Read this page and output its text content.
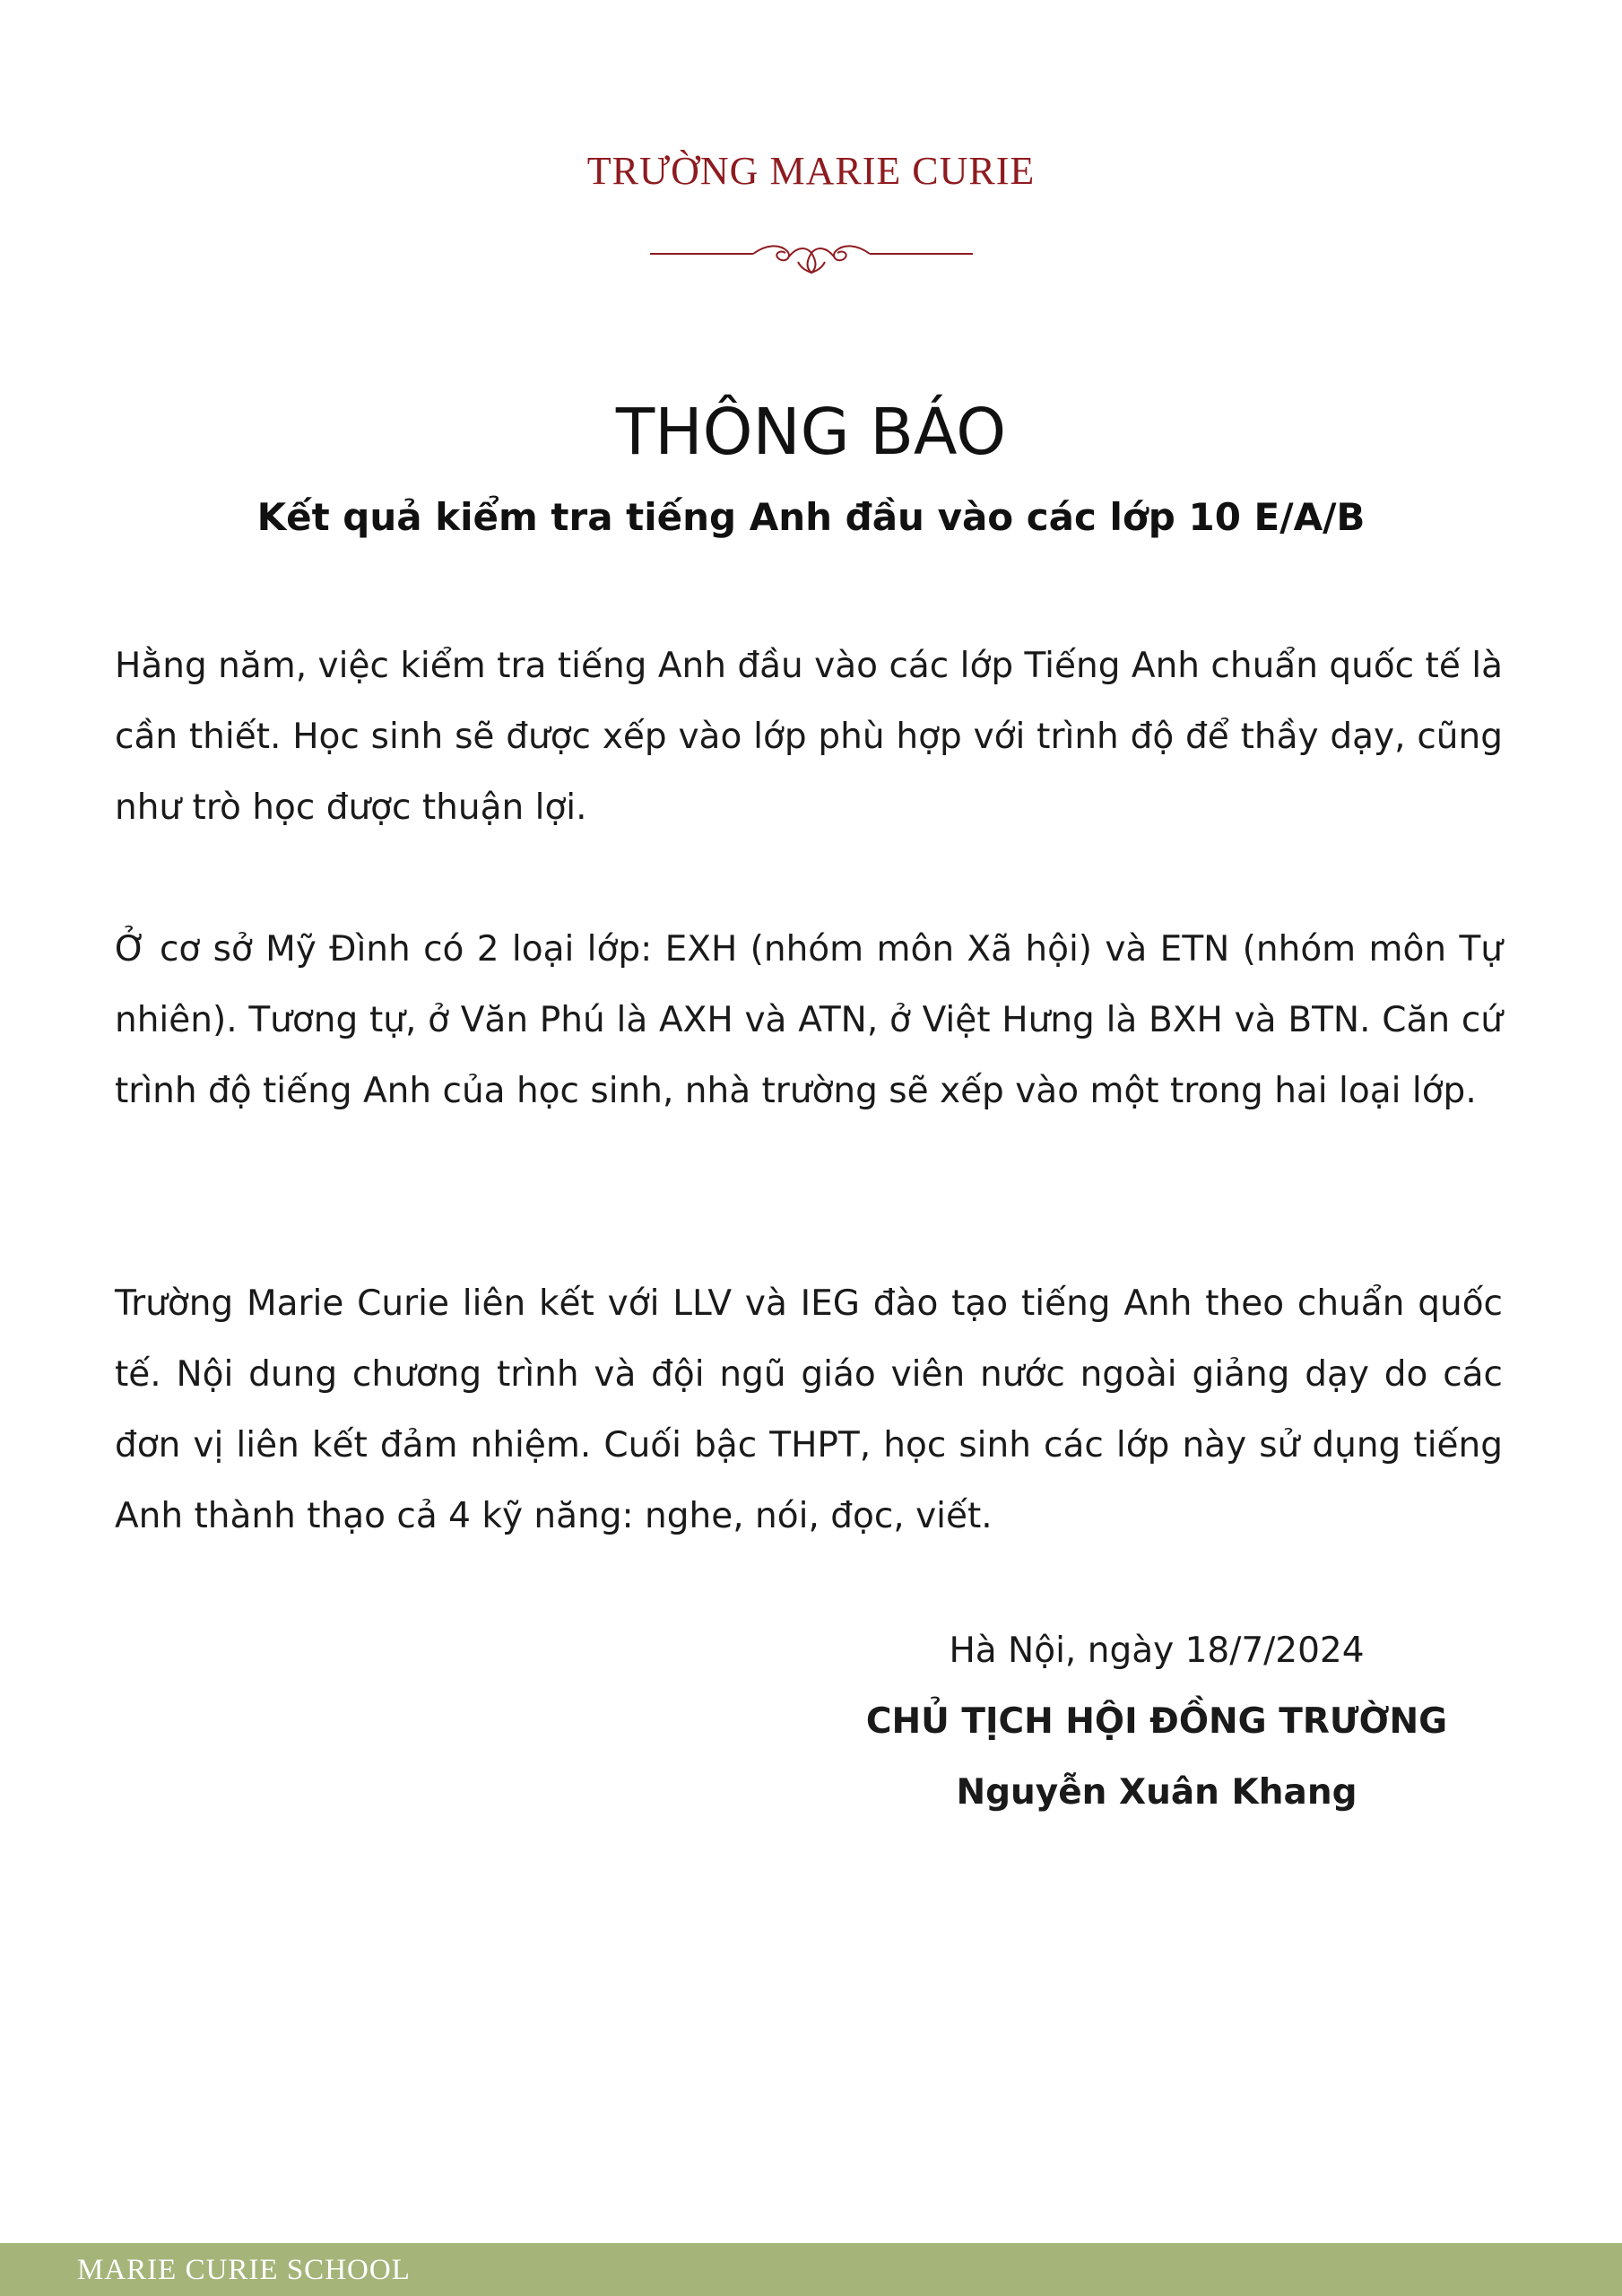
TRƯỜNG MARIE CURIE
THÔNG BÁO
Kết quả kiểm tra tiếng Anh đầu vào các lớp 10 E/A/B

Hằng năm, việc kiểm tra tiếng Anh đầu vào các lớp Tiếng Anh chuẩn quốc tế là cần thiết. Học sinh sẽ được xếp vào lớp phù hợp với trình độ để thầy dạy, cũng như trò học được thuận lợi.

Ở cơ sở Mỹ Đình có 2 loại lớp: EXH (nhóm môn Xã hội) và ETN (nhóm môn Tự nhiên). Tương tự, ở Văn Phú là AXH và ATN, ở Việt Hưng là BXH và BTN. Căn cứ trình độ tiếng Anh của học sinh, nhà trường sẽ xếp vào một trong hai loại lớp.

Trường Marie Curie liên kết với LLV và IEG đào tạo tiếng Anh theo chuẩn quốc tế. Nội dung chương trình và đội ngũ giáo viên nước ngoài giảng dạy do các đơn vị liên kết đảm nhiệm. Cuối bậc THPT, học sinh các lớp này sử dụng tiếng Anh thành thạo cả 4 kỹ năng: nghe, nói, đọc, viết.

Hà Nội, ngày 18/7/2024
CHỦ TỊCH HỘI ĐỒNG TRƯỜNG
Nguyễn Xuân Khang
MARIE CURIE SCHOOL
